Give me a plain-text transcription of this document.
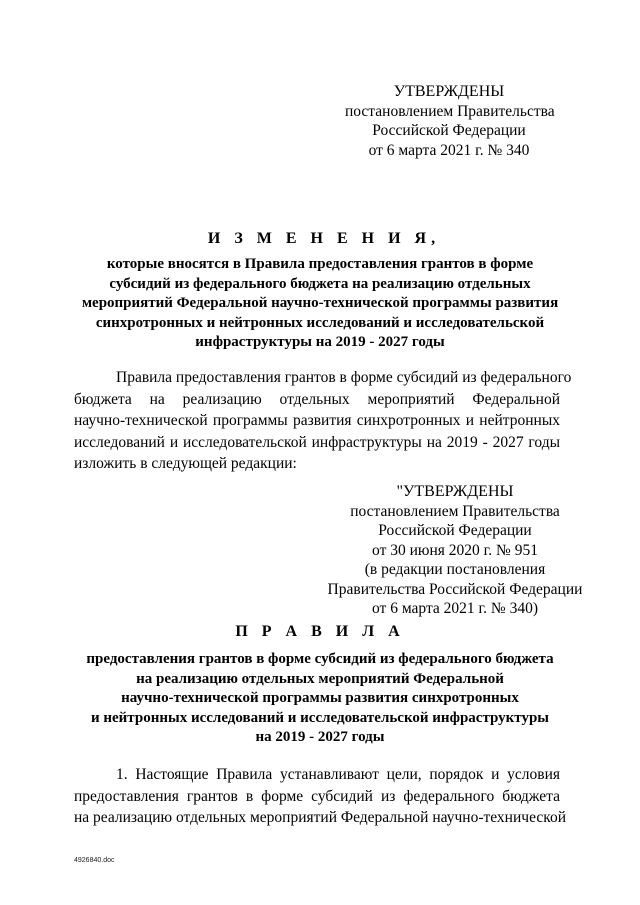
УТВЕРЖДЕНЫ
постановлением Правительства
Российской Федерации
от 6 марта 2021 г. № 340
И З М Е Н Е Н И Я,
которые вносятся в Правила предоставления грантов в форме
субсидий из федерального бюджета на реализацию отдельных
мероприятий Федеральной научно-технической программы развития
синхротронных и нейтронных исследований и исследовательской
инфраструктуры на 2019 - 2027 годы
Правила предоставления грантов в форме субсидий из федерального
бюджета на реализацию отдельных мероприятий Федеральной
научно-технической программы развития синхротронных и нейтронных
исследований и исследовательской инфраструктуры на 2019 - 2027 годы
изложить в следующей редакции:
"УТВЕРЖДЕНЫ
постановлением Правительства
Российской Федерации
от 30 июня 2020 г. № 951
(в редакции постановления
Правительства Российской Федерации
от 6 марта 2021 г. № 340)
П Р А В И Л А
предоставления грантов в форме субсидий из федерального бюджета
на реализацию отдельных мероприятий Федеральной
научно-технической программы развития синхротронных
и нейтронных исследований и исследовательской инфраструктуры
на 2019 - 2027 годы
1. Настоящие Правила устанавливают цели, порядок и условия
предоставления грантов в форме субсидий из федерального бюджета
на реализацию отдельных мероприятий Федеральной научно-технической
4926840.doc
